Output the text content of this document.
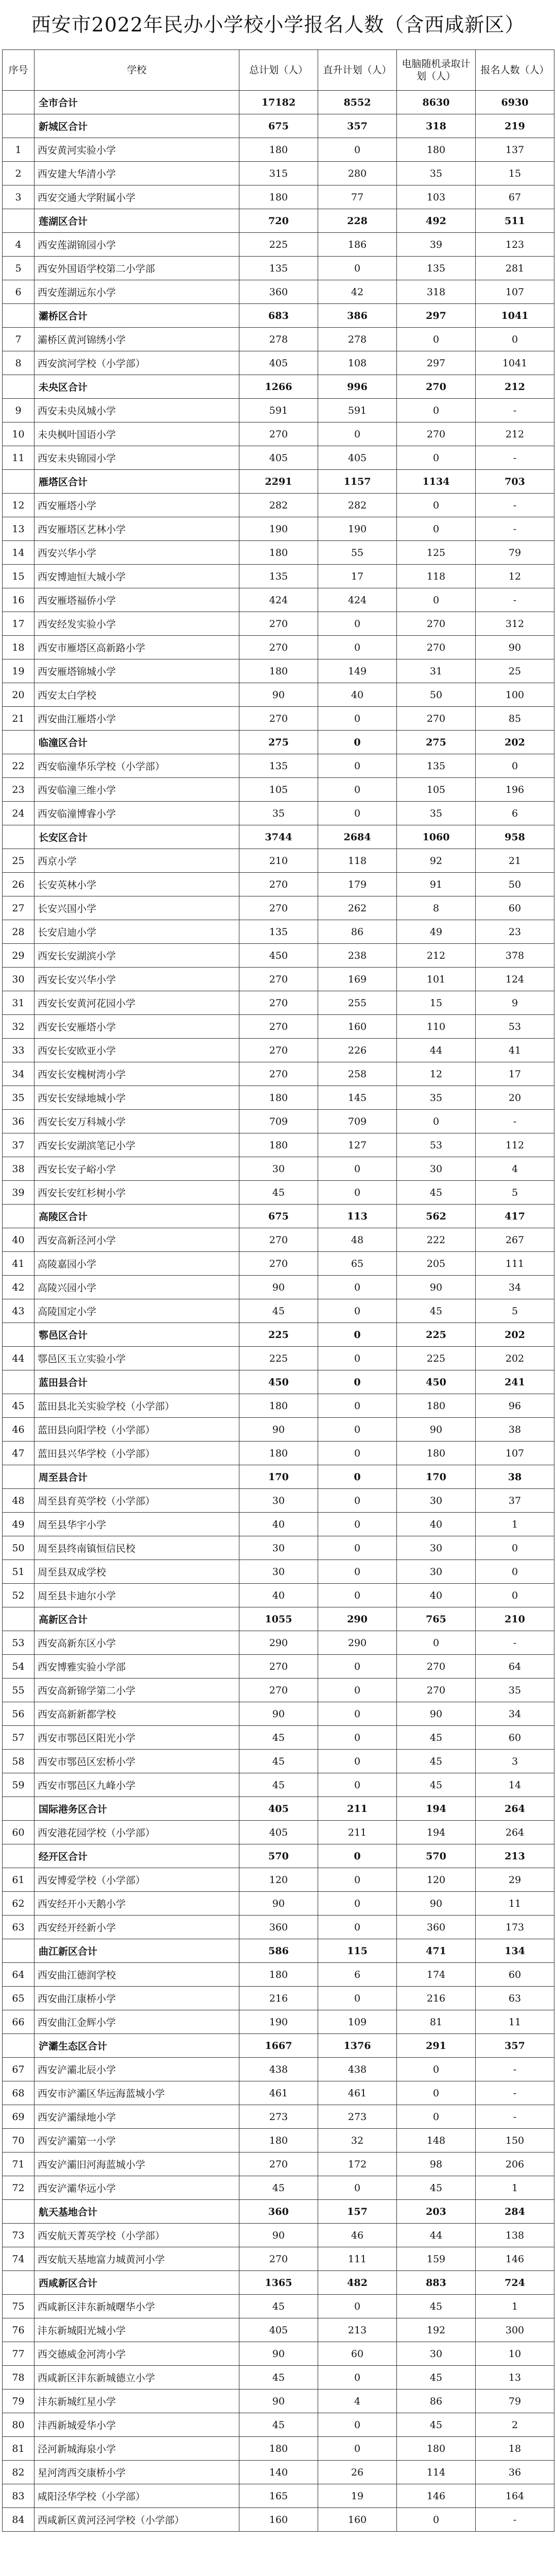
西安市2022年民办小学校小学报名人数（含西咸新区）
序号	学校	总计划（人）	直升计划（人）	电脑随机录取计划（人）	报名人数（人）
	全市合计	17182	8552	8630	6930
	新城区合计	675	357	318	219
1	西安黄河实验小学	180	0	180	137
2	西安建大华清小学	315	280	35	15
3	西安交通大学附属小学	180	77	103	67
	莲湖区合计	720	228	492	511
4	西安莲湖锦园小学	225	186	39	123
5	西安外国语学校第二小学部	135	0	135	281
6	西安莲湖远东小学	360	42	318	107
	灞桥区合计	683	386	297	1041
7	灞桥区黄河锦绣小学	278	278	0	0
8	西安滨河学校（小学部）	405	108	297	1041
	未央区合计	1266	996	270	212
9	西安未央凤城小学	591	591	0	-
10	未央枫叶国语小学	270	0	270	212
11	西安未央锦园小学	405	405	0	-
	雁塔区合计	2291	1157	1134	703
12	西安雁塔小学	282	282	0	-
13	西安雁塔区艺林小学	190	190	0	-
14	西安兴华小学	180	55	125	79
15	西安博迪恒大城小学	135	17	118	12
16	西安雁塔福侨小学	424	424	0	-
17	西安经发实验小学	270	0	270	312
18	西安市雁塔区高新路小学	270	0	270	90
19	西安雁塔锦城小学	180	149	31	25
20	西安太白学校	90	40	50	100
21	西安曲江雁塔小学	270	0	270	85
	临潼区合计	275	0	275	202
22	西安临潼华乐学校（小学部）	135	0	135	0
23	西安临潼三维小学	105	0	105	196
24	西安临潼博睿小学	35	0	35	6
	长安区合计	3744	2684	1060	958
25	西京小学	210	118	92	21
26	长安英林小学	270	179	91	50
27	长安兴国小学	270	262	8	60
28	长安启迪小学	135	86	49	23
29	西安长安湖滨小学	450	238	212	378
30	西安长安兴华小学	270	169	101	124
31	西安长安黄河花园小学	270	255	15	9
32	西安长安雁塔小学	270	160	110	53
33	西安长安欧亚小学	270	226	44	41
34	西安长安槐树湾小学	270	258	12	17
35	西安长安绿地城小学	180	145	35	20
36	西安长安万科城小学	709	709	0	-
37	西安长安湖滨笔记小学	180	127	53	112
38	西安长安子峪小学	30	0	30	4
39	西安长安红杉树小学	45	0	45	5
	高陵区合计	675	113	562	417
40	西安高新泾河小学	270	48	222	267
41	高陵嘉园小学	270	65	205	111
42	高陵兴园小学	90	0	90	34
43	高陵国定小学	45	0	45	5
	鄠邑区合计	225	0	225	202
44	鄠邑区玉立实验小学	225	0	225	202
	蓝田县合计	450	0	450	241
45	蓝田县北关实验学校（小学部）	180	0	180	96
46	蓝田县向阳学校（小学部）	90	0	90	38
47	蓝田县兴华学校（小学部）	180	0	180	107
	周至县合计	170	0	170	38
48	周至县育英学校（小学部）	30	0	30	37
49	周至县华宇小学	40	0	40	1
50	周至县终南镇恒信民校	30	0	30	0
51	周至县双成学校	30	0	30	0
52	周至县卡迪尔小学	40	0	40	0
	高新区合计	1055	290	765	210
53	西安高新东区小学	290	290	0	-
54	西安博雅实验小学部	270	0	270	64
55	西安高新锦学第二小学	270	0	270	35
56	西安高新新都学校	90	0	90	34
57	西安市鄂邑区阳光小学	45	0	45	60
58	西安市鄂邑区宏桥小学	45	0	45	3
59	西安市鄂邑区九峰小学	45	0	45	14
	国际港务区合计	405	211	194	264
60	西安港花园学校（小学部）	405	211	194	264
	经开区合计	570	0	570	213
61	西安博爱学校（小学部）	120	0	120	29
62	西安经开小天鹅小学	90	0	90	11
63	西安经开经新小学	360	0	360	173
	曲江新区合计	586	115	471	134
64	西安曲江德润学校	180	6	174	60
65	西安曲江康桥小学	216	0	216	63
66	西安曲江金辉小学	190	109	81	11
	浐灞生态区合计	1667	1376	291	357
67	西安浐灞北辰小学	438	438	0	-
68	西安市浐灞区华远海蓝城小学	461	461	0	-
69	西安浐灞绿地小学	273	273	0	-
70	西安浐灞第一小学	180	32	148	150
71	西安浐灞旧河海蓝城小学	270	172	98	206
72	西安浐灞华远小学	45	0	45	1
	航天基地合计	360	157	203	284
73	西安航天菁英学校（小学部）	90	46	44	138
74	西安航天基地富力城黄河小学	270	111	159	146
	西咸新区合计	1365	482	883	724
75	西咸新区沣东新城曙华小学	45	0	45	1
76	沣东新城阳光城小学	405	213	192	300
77	西交德威金河湾小学	90	60	30	10
78	西咸新区沣东新城德立小学	45	0	45	13
79	沣东新城红星小学	90	4	86	79
80	沣西新城爱华小学	45	0	45	2
81	泾河新城海泉小学	180	0	180	18
82	星河湾西交康桥小学	140	26	114	36
83	咸阳泾华学校（小学部）	165	19	146	164
84	西咸新区黄河泾河学校（小学部）	160	160	0	-
